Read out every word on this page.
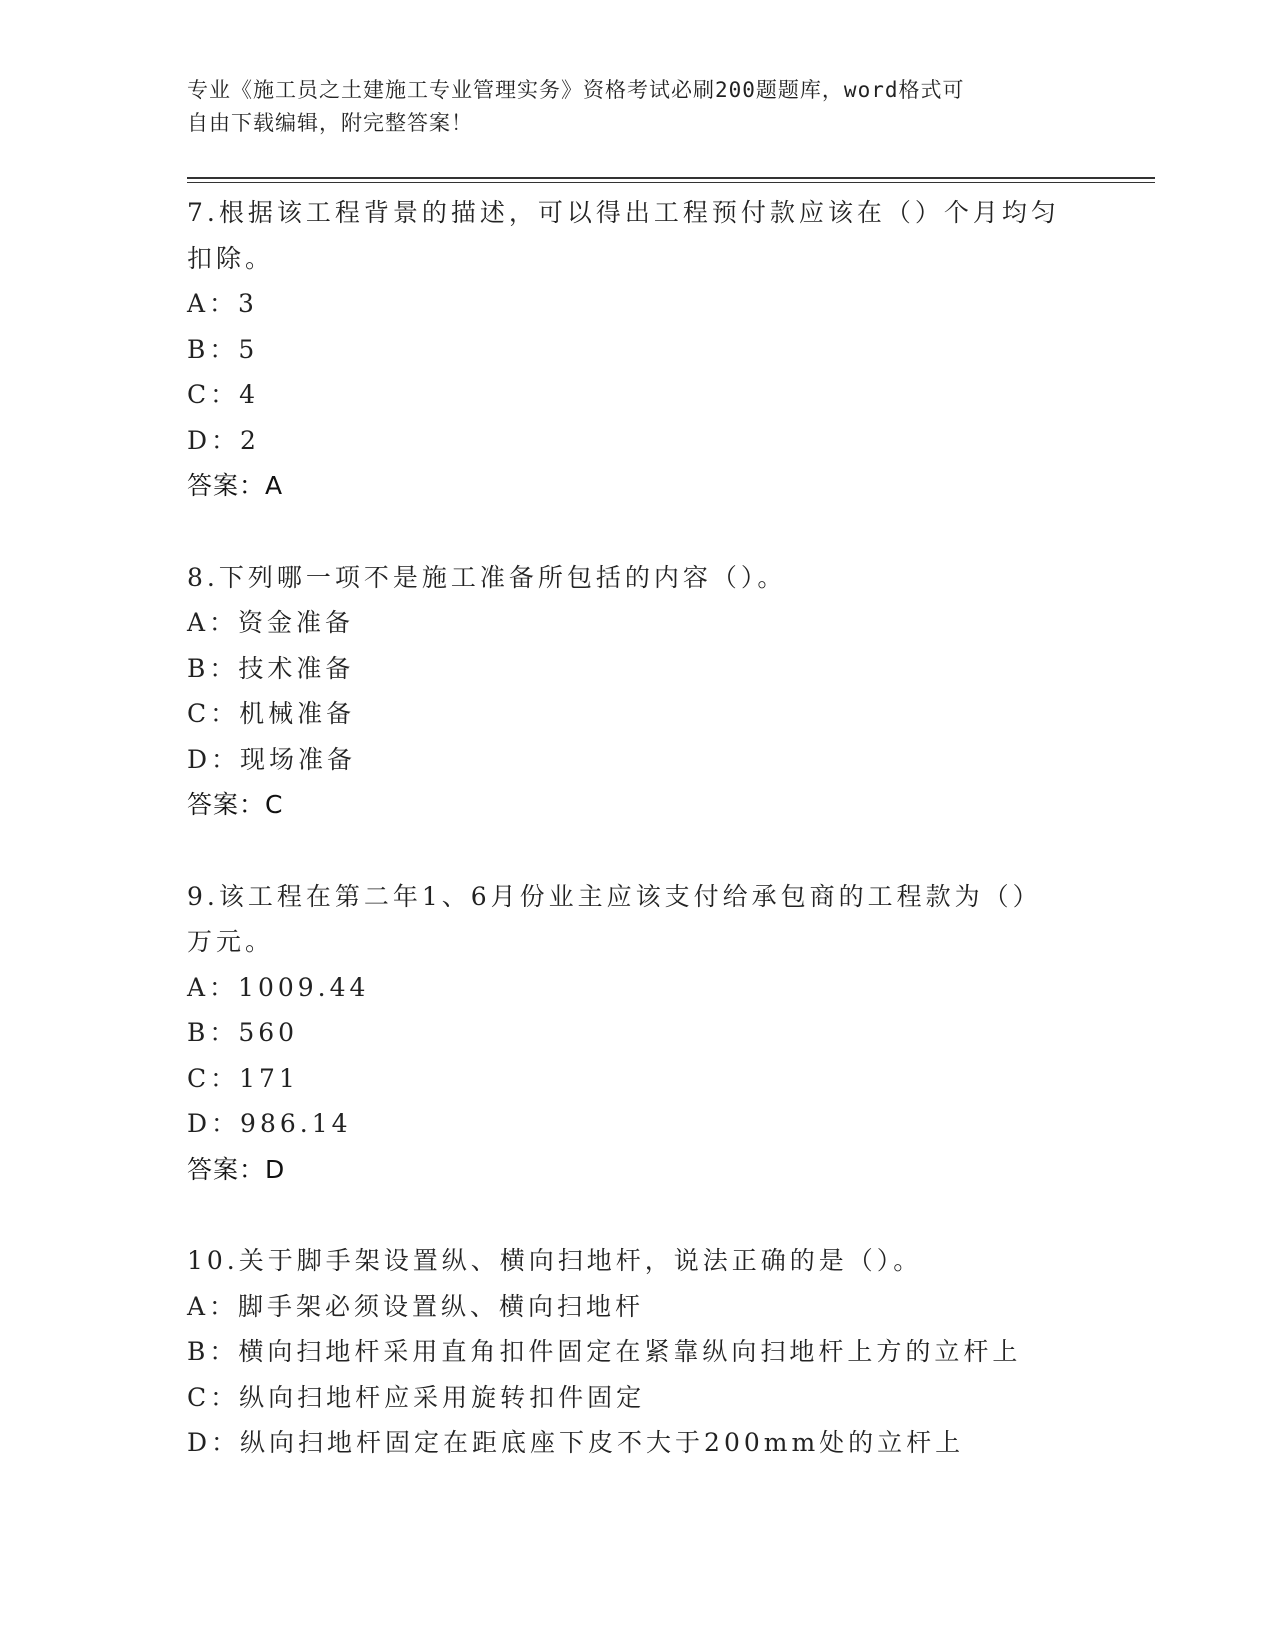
专业《施工员之土建施工专业管理实务》资格考试必刷200题题库，word格式可
自由下载编辑，附完整答案！
7.根据该工程背景的描述，可以得出工程预付款应该在（）个月均匀扣除。
A：3
B：5
C：4
D：2
答案：A
8.下列哪一项不是施工准备所包括的内容（）。
A：资金准备
B：技术准备
C：机械准备
D：现场准备
答案：C
9.该工程在第二年1、6月份业主应该支付给承包商的工程款为（）万元。
A：1009.44
B：560
C：171
D：986.14
答案：D
10.关于脚手架设置纵、横向扫地杆，说法正确的是（）。
A：脚手架必须设置纵、横向扫地杆
B：横向扫地杆采用直角扣件固定在紧靠纵向扫地杆上方的立杆上
C：纵向扫地杆应采用旋转扣件固定
D：纵向扫地杆固定在距底座下皮不大于200mm处的立杆上
